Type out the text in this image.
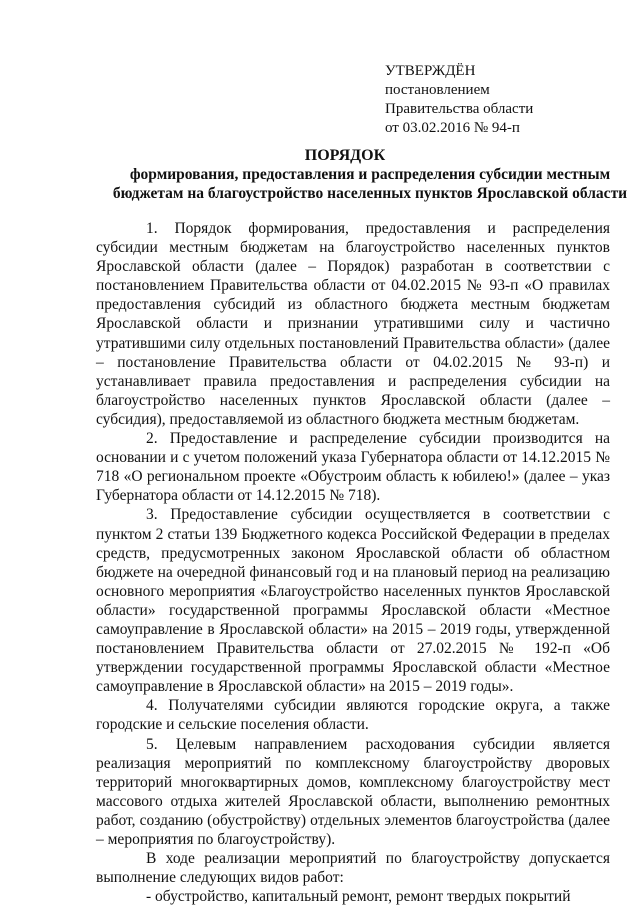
УТВЕРЖДЁН
постановлением
Правительства области
от 03.02.2016 № 94-п
ПОРЯДОК
формирования, предоставления и распределения субсидии местным бюджетам на благоустройство населенных пунктов Ярославской области

1. Порядок формирования, предоставления и распределения субсидии местным бюджетам на благоустройство населенных пунктов Ярославской области (далее – Порядок) разработан в соответствии с постановлением Правительства области от 04.02.2015 № 93-п «О правилах предоставления субсидий из областного бюджета местным бюджетам Ярославской области и признании утратившими силу и частично утратившими силу отдельных постановлений Правительства области» (далее – постановление Правительства области от 04.02.2015 № 93-п) и устанавливает правила предоставления и распределения субсидии на благоустройство населенных пунктов Ярославской области (далее – субсидия), предоставляемой из областного бюджета местным бюджетам.

2. Предоставление и распределение субсидии производится на основании и с учетом положений указа Губернатора области от 14.12.2015 № 718 «О региональном проекте «Обустроим область к юбилею!» (далее – указ Губернатора области от 14.12.2015 № 718).

3. Предоставление субсидии осуществляется в соответствии с пунктом 2 статьи 139 Бюджетного кодекса Российской Федерации в пределах средств, предусмотренных законом Ярославской области об областном бюджете на очередной финансовый год и на плановый период на реализацию основного мероприятия «Благоустройство населенных пунктов Ярославской области» государственной программы Ярославской области «Местное самоуправление в Ярославской области» на 2015 – 2019 годы, утвержденной постановлением Правительства области от 27.02.2015 № 192-п «Об утверждении государственной программы Ярославской области «Местное самоуправление в Ярославской области» на 2015 – 2019 годы».

4. Получателями субсидии являются городские округа, а также городские и сельские поселения области.

5. Целевым направлением расходования субсидии является реализация мероприятий по комплексному благоустройству дворовых территорий многоквартирных домов, комплексному благоустройству мест массового отдыха жителей Ярославской области, выполнению ремонтных работ, созданию (обустройству) отдельных элементов благоустройства (далее – мероприятия по благоустройству).

В ходе реализации мероприятий по благоустройству допускается выполнение следующих видов работ:

- обустройство, капитальный ремонт, ремонт твердых покрытий
